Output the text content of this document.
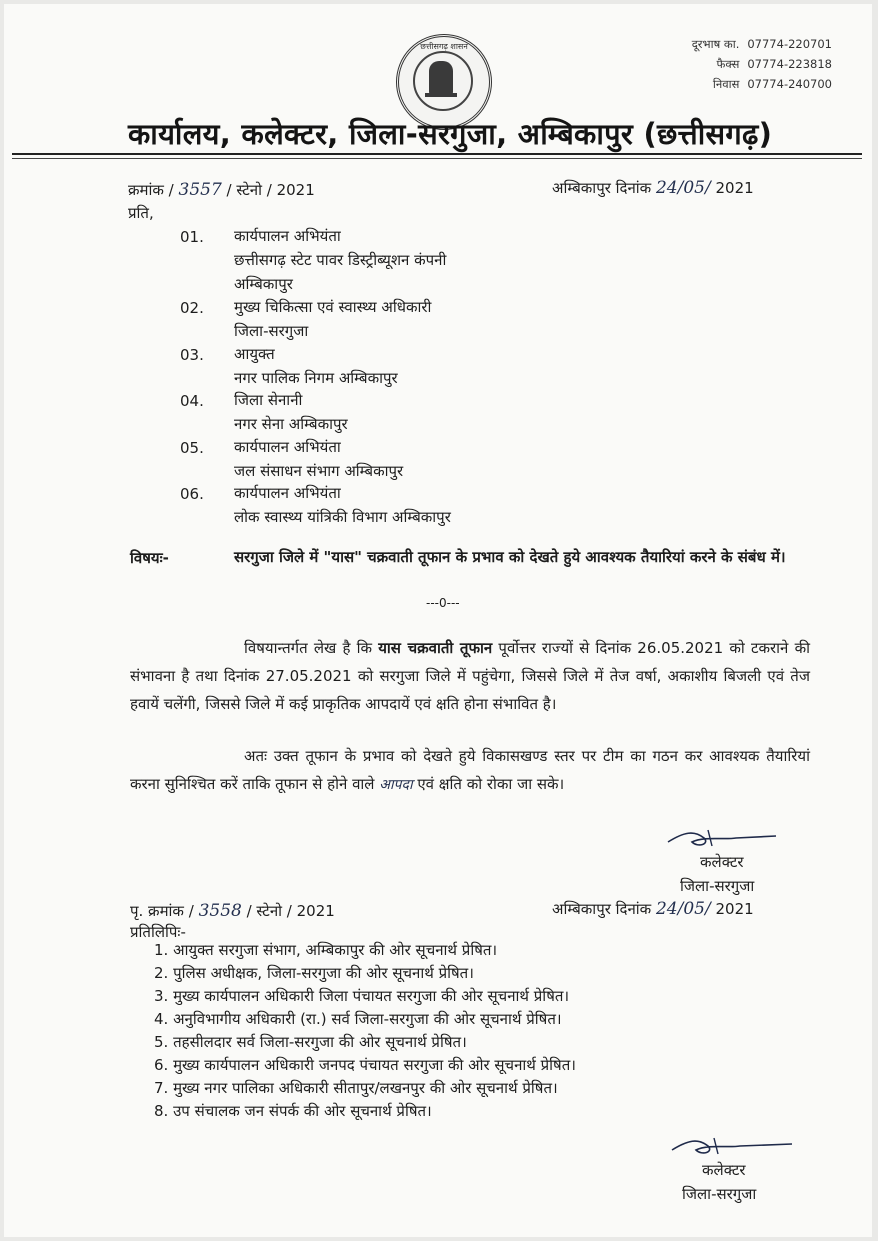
छत्तीसगढ़ शासन	दूरभाष का. 07774-220701
फैक्स 07774-223818
निवास 07774-240700
कार्यालय, कलेक्टर, जिला-सरगुजा, अम्बिकापुर (छत्तीसगढ़)
क्रमांक / 3557 / स्टेनो / 2021	अम्बिकापुर दिनांक 24/05/ 2021
प्रति,
01.	कार्यपालन अभियंता
छत्तीसगढ़ स्टेट पावर डिस्ट्रीब्यूशन कंपनी
अम्बिकापुर
02.	मुख्य चिकित्सा एवं स्वास्थ्य अधिकारी
जिला-सरगुजा
03.	आयुक्त
नगर पालिक निगम अम्बिकापुर
04.	जिला सेनानी
नगर सेना अम्बिकापुर
05.	कार्यपालन अभियंता
जल संसाधन संभाग अम्बिकापुर
06.	कार्यपालन अभियंता
लोक स्वास्थ्य यांत्रिकी विभाग अम्बिकापुर
विषयः-	सरगुजा जिले में "यास" चक्रवाती तूफान के प्रभाव को देखते हुये आवश्यक तैयारियां करने के संबंध में।
---0---
विषयान्तर्गत लेख है कि यास चक्रवाती तूफान पूर्वोत्तर राज्यों से दिनांक 26.05.2021 को टकराने की संभावना है तथा दिनांक 27.05.2021 को सरगुजा जिले में पहुंचेगा, जिससे जिले में तेज वर्षा, अकाशीय बिजली एवं तेज हवायें चलेंगी, जिससे जिले में कई प्राकृतिक आपदायें एवं क्षति होना संभावित है।
अतः उक्त तूफान के प्रभाव को देखते हुये विकासखण्ड स्तर पर टीम का गठन कर आवश्यक तैयारियां करना सुनिश्चित करें ताकि तूफान से होने वाले आपदा एवं क्षति को रोका जा सके।
कलेक्टर
जिला-सरगुजा
पृ. क्रमांक / 3558 / स्टेनो / 2021	अम्बिकापुर दिनांक 24/05/ 2021
प्रतिलिपिः-
1. आयुक्त सरगुजा संभाग, अम्बिकापुर की ओर सूचनार्थ प्रेषित।
2. पुलिस अधीक्षक, जिला-सरगुजा की ओर सूचनार्थ प्रेषित।
3. मुख्य कार्यपालन अधिकारी जिला पंचायत सरगुजा की ओर सूचनार्थ प्रेषित।
4. अनुविभागीय अधिकारी (रा.) सर्व जिला-सरगुजा की ओर सूचनार्थ प्रेषित।
5. तहसीलदार सर्व जिला-सरगुजा की ओर सूचनार्थ प्रेषित।
6. मुख्य कार्यपालन अधिकारी जनपद पंचायत सरगुजा की ओर सूचनार्थ प्रेषित।
7. मुख्य नगर पालिका अधिकारी सीतापुर/लखनपुर की ओर सूचनार्थ प्रेषित।
8. उप संचालक जन संपर्क की ओर सूचनार्थ प्रेषित।
कलेक्टर
जिला-सरगुजा
